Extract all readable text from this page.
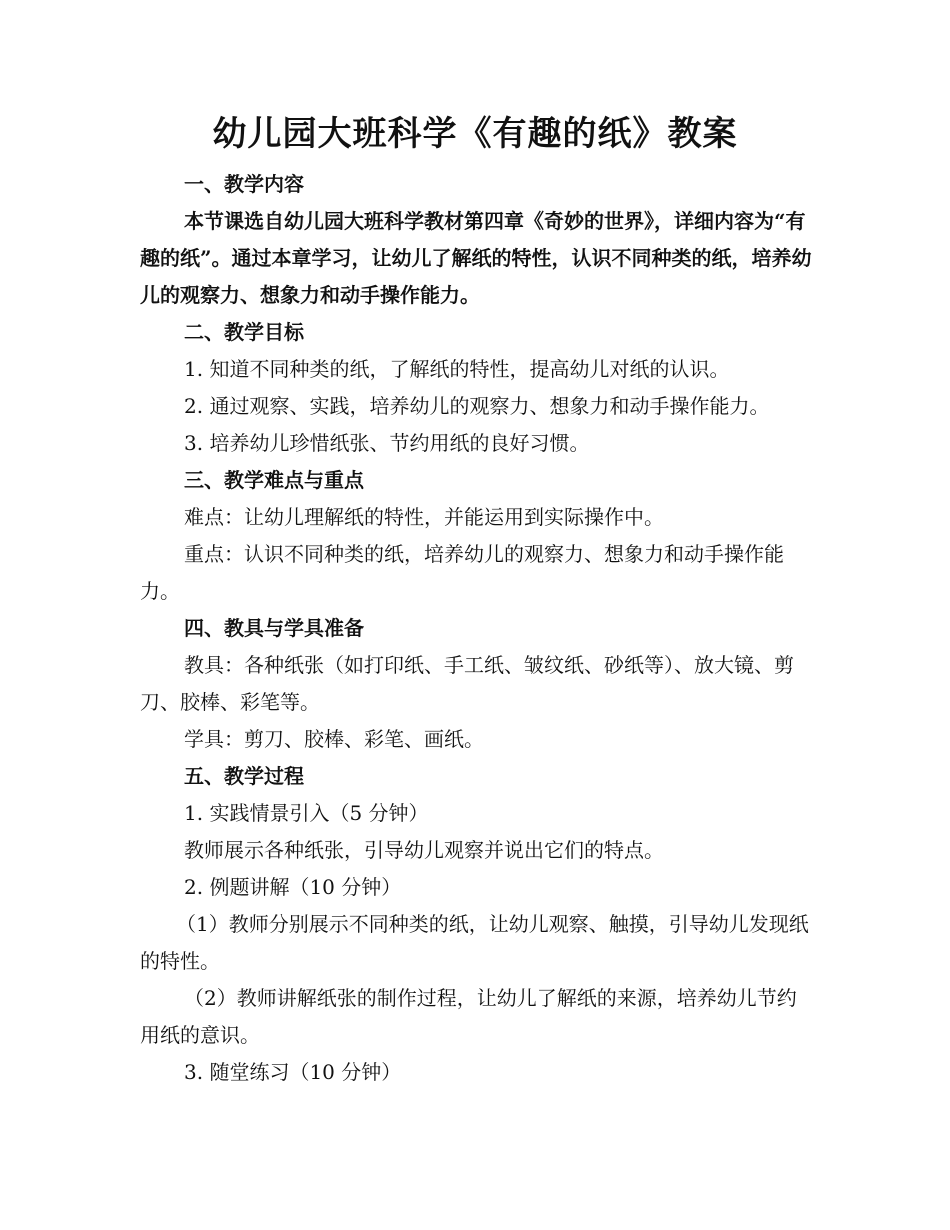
幼儿园大班科学《有趣的纸》教案

一、教学内容

本节课选自幼儿园大班科学教材第四章《奇妙的世界》，详细内容为“有趣的纸”。通过本章学习，让幼儿了解纸的特性，认识不同种类的纸，培养幼儿的观察力、想象力和动手操作能力。

二、教学目标

1. 知道不同种类的纸，了解纸的特性，提高幼儿对纸的认识。

2. 通过观察、实践，培养幼儿的观察力、想象力和动手操作能力。

3. 培养幼儿珍惜纸张、节约用纸的良好习惯。

三、教学难点与重点

难点：让幼儿理解纸的特性，并能运用到实际操作中。

重点：认识不同种类的纸，培养幼儿的观察力、想象力和动手操作能力。

四、教具与学具准备

教具：各种纸张（如打印纸、手工纸、皱纹纸、砂纸等）、放大镜、剪刀、胶棒、彩笔等。

学具：剪刀、胶棒、彩笔、画纸。

五、教学过程

1. 实践情景引入（5 分钟）

教师展示各种纸张，引导幼儿观察并说出它们的特点。

2. 例题讲解（10 分钟）

（1）教师分别展示不同种类的纸，让幼儿观察、触摸，引导幼儿发现纸的特性。

（2）教师讲解纸张的制作过程，让幼儿了解纸的来源，培养幼儿节约用纸的意识。

3. 随堂练习（10 分钟）
